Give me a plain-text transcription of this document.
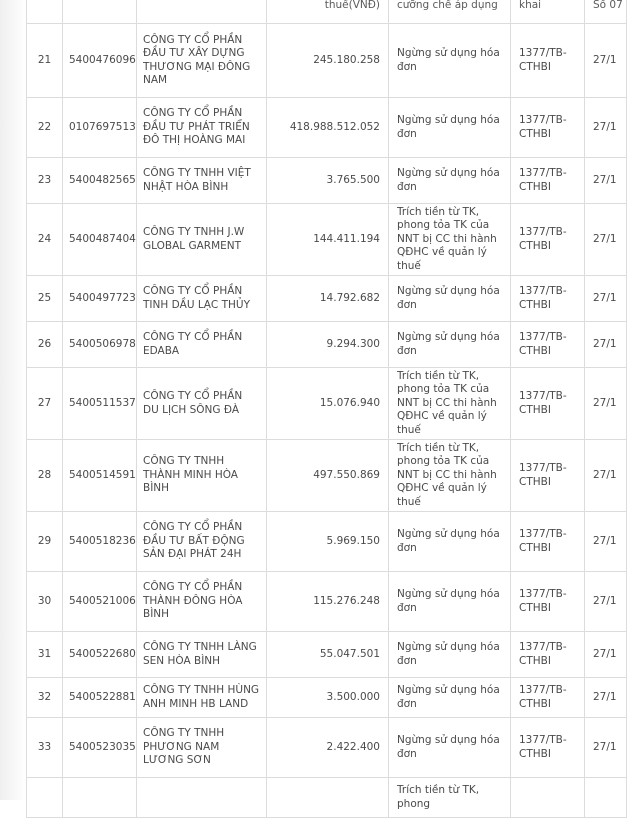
			thuế(VNĐ)	cưỡng chế áp dụng	khai	Số 07
21	5400476096	CÔNG TY CỔ PHẦN ĐẦU TƯ XÂY DỰNG THƯƠNG MẠI ĐÔNG NAM	245.180.258	Ngừng sử dụng hóa đơn	1377/TB-CTHBI	27/1
22	0107697513	CÔNG TY CỔ PHẦN ĐẦU TƯ PHÁT TRIỂN ĐÔ THỊ HOÀNG MAI	418.988.512.052	Ngừng sử dụng hóa đơn	1377/TB-CTHBI	27/1
23	5400482565	CÔNG TY TNHH VIỆT NHẬT HÒA BÌNH	3.765.500	Ngừng sử dụng hóa đơn	1377/TB-CTHBI	27/1
24	5400487404	CÔNG TY TNHH J.W GLOBAL GARMENT	144.411.194	Trích tiền từ TK, phong tỏa TK của NNT bị CC thi hành QĐHC về quản lý thuế	1377/TB-CTHBI	27/1
25	5400497723	CÔNG TY CỔ PHẦN TINH DẦU LẠC THỦY	14.792.682	Ngừng sử dụng hóa đơn	1377/TB-CTHBI	27/1
26	5400506978	CÔNG TY CỔ PHẦN EDABA	9.294.300	Ngừng sử dụng hóa đơn	1377/TB-CTHBI	27/1
27	5400511537	CÔNG TY CỔ PHẦN DU LỊCH SÔNG ĐÀ	15.076.940	Trích tiền từ TK, phong tỏa TK của NNT bị CC thi hành QĐHC về quản lý thuế	1377/TB-CTHBI	27/1
28	5400514591	CÔNG TY TNHH THÀNH MINH HÒA BÌNH	497.550.869	Trích tiền từ TK, phong tỏa TK của NNT bị CC thi hành QĐHC về quản lý thuế	1377/TB-CTHBI	27/1
29	5400518236	CÔNG TY CỔ PHẦN ĐẦU TƯ BẤT ĐỘNG SẢN ĐẠI PHÁT 24H	5.969.150	Ngừng sử dụng hóa đơn	1377/TB-CTHBI	27/1
30	5400521006	CÔNG TY CỔ PHẦN THÀNH ĐÔNG HÒA BÌNH	115.276.248	Ngừng sử dụng hóa đơn	1377/TB-CTHBI	27/1
31	5400522680	CÔNG TY TNHH LÀNG SEN HÒA BÌNH	55.047.501	Ngừng sử dụng hóa đơn	1377/TB-CTHBI	27/1
32	5400522881	CÔNG TY TNHH HÙNG ANH MINH HB LAND	3.500.000	Ngừng sử dụng hóa đơn	1377/TB-CTHBI	27/1
33	5400523035	CÔNG TY TNHH PHƯƠNG NAM LƯƠNG SƠN	2.422.400	Ngừng sử dụng hóa đơn	1377/TB-CTHBI	27/1
				Trích tiền từ TK, phong		
